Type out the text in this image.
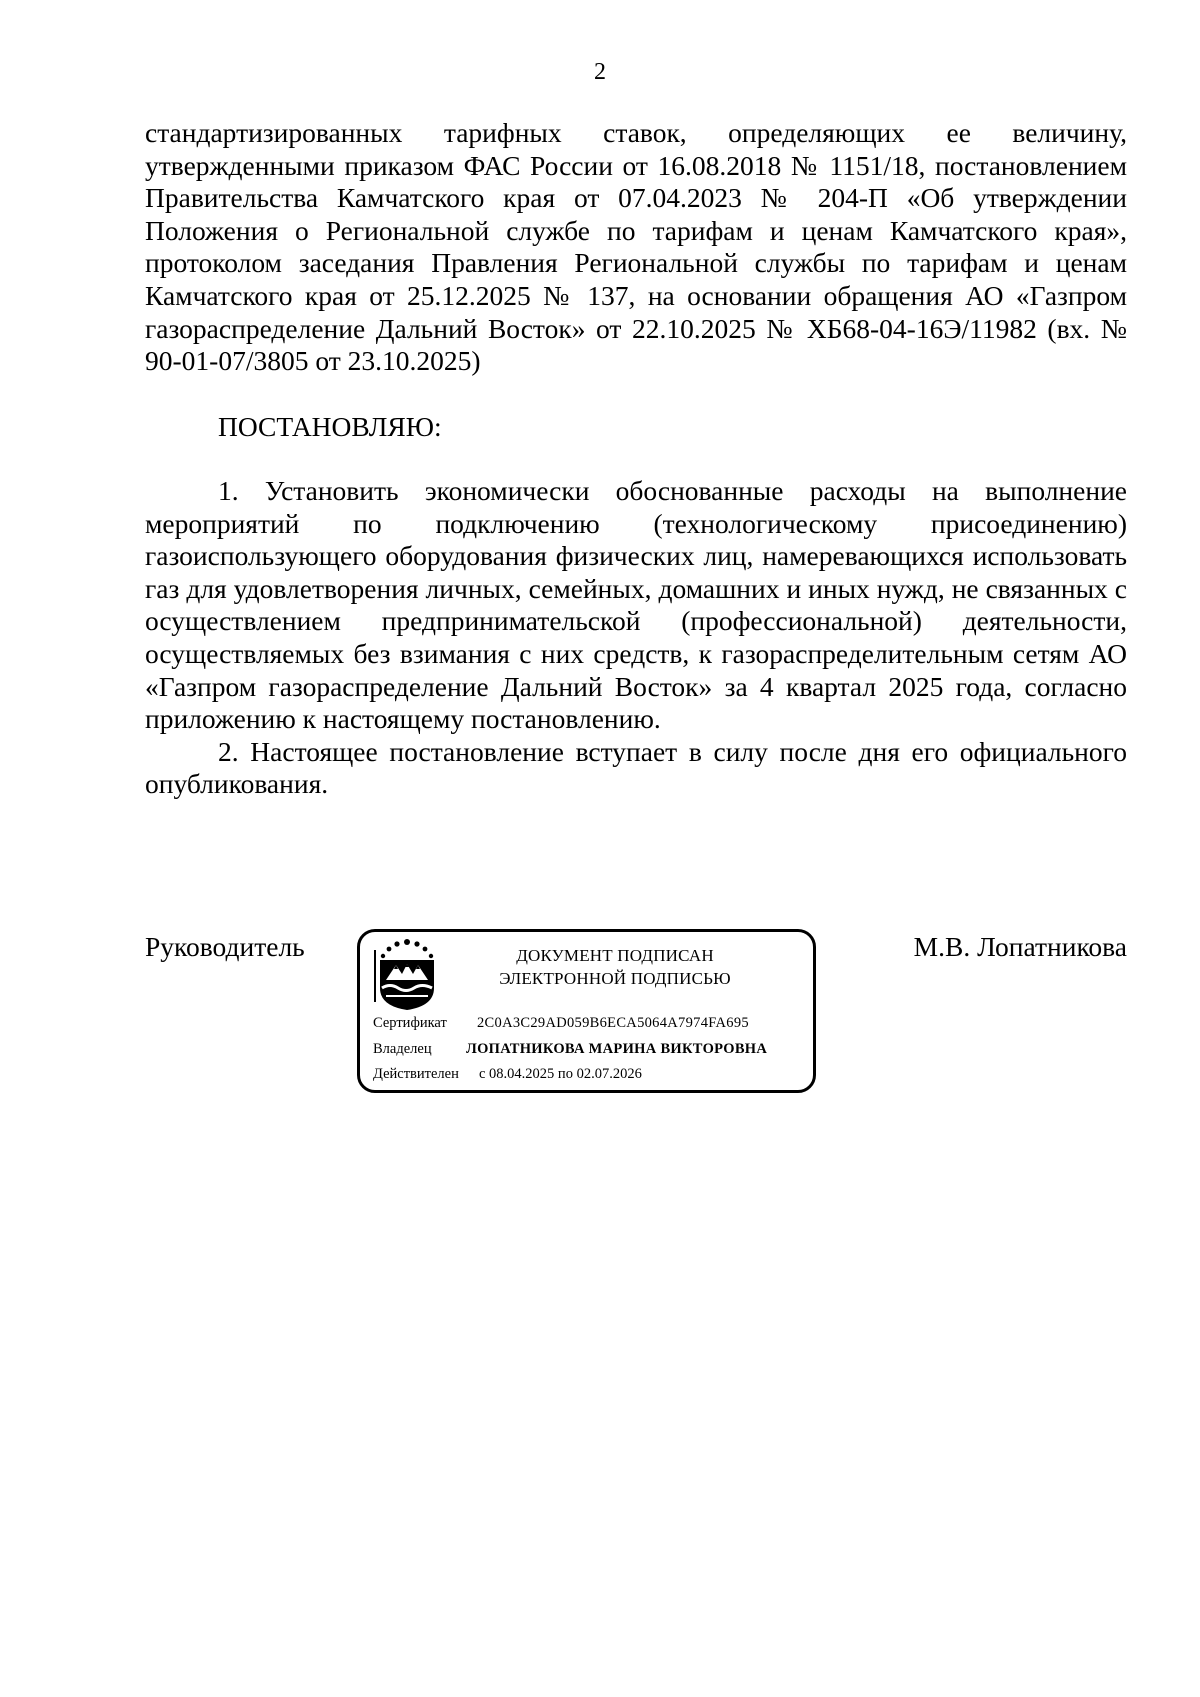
2

стандартизированных тарифных ставок, определяющих ее величину, утвержденными приказом ФАС России от 16.08.2018 № 1151/18, постановлением Правительства Камчатского края от 07.04.2023 № 204-П «Об утверждении Положения о Региональной службе по тарифам и ценам Камчатского края», протоколом заседания Правления Региональной службы по тарифам и ценам Камчатского края от 25.12.2025 № 137, на основании обращения АО «Газпром газораспределение Дальний Восток» от 22.10.2025 № ХБ68-04-16Э/11982 (вх. № 90-01-07/3805 от 23.10.2025)

ПОСТАНОВЛЯЮ:

1. Установить экономически обоснованные расходы на выполнение мероприятий по подключению (технологическому присоединению) газоиспользующего оборудования физических лиц, намеревающихся использовать газ для удовлетворения личных, семейных, домашних и иных нужд, не связанных с осуществлением предпринимательской (профессиональной) деятельности, осуществляемых без взимания с них средств, к газораспределительным сетям АО «Газпром газораспределение Дальний Восток» за 4 квартал 2025 года, согласно приложению к настоящему постановлению.

2. Настоящее постановление вступает в силу после дня его официального опубликования.

Руководитель	ДОКУМЕНТ ПОДПИСАН
ЭЛЕКТРОННОЙ ПОДПИСЬЮ
Сертификат 2C0A3C29AD059B6ECA5064A7974FA695
Владелец ЛОПАТНИКОВА МАРИНА ВИКТОРОВНА
Действителен с 08.04.2025 по 02.07.2026
М.В. Лопатникова
